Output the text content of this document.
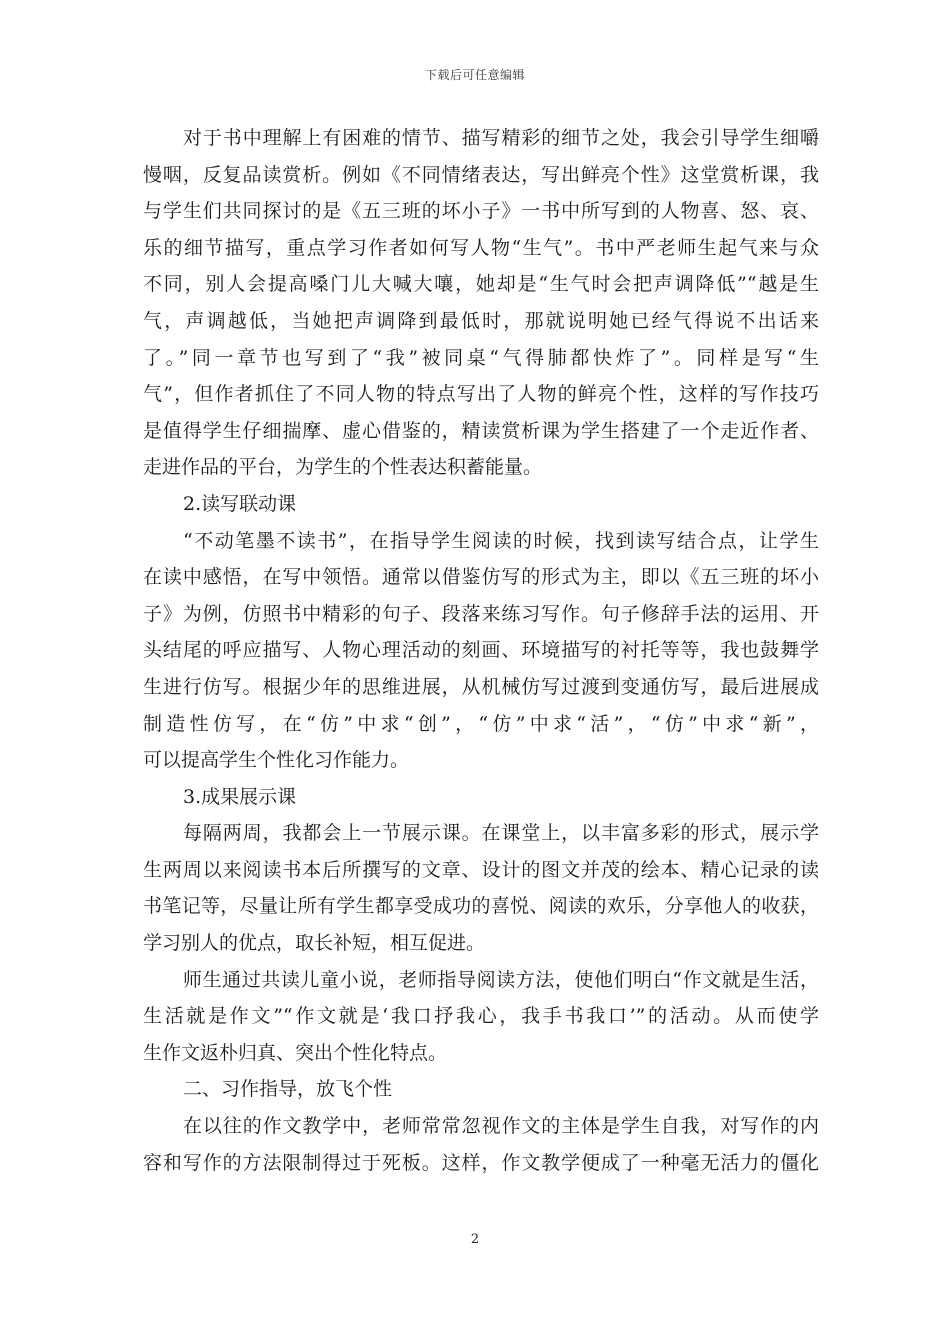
下载后可任意编辑
对于书中理解上有困难的情节、描写精彩的细节之处，我会引导学生细嚼
慢咽，反复品读赏析。例如《不同情绪表达，写出鲜亮个性》这堂赏析课，我
与学生们共同探讨的是《五三班的坏小子》一书中所写到的人物喜、怒、哀、
乐的细节描写，重点学习作者如何写人物“生气”。书中严老师生起气来与众
不同，别人会提高嗓门儿大喊大嚷，她却是“生气时会把声调降低”“越是生
气，声调越低，当她把声调降到最低时，那就说明她已经气得说不出话来
了。”同一章节也写到了“我”被同桌“气得肺都快炸了”。同样是写“生
气”，但作者抓住了不同人物的特点写出了人物的鲜亮个性，这样的写作技巧
是值得学生仔细揣摩、虚心借鉴的，精读赏析课为学生搭建了一个走近作者、
走进作品的平台，为学生的个性表达积蓄能量。
2.读写联动课
“不动笔墨不读书”，在指导学生阅读的时候，找到读写结合点，让学生
在读中感悟，在写中领悟。通常以借鉴仿写的形式为主，即以《五三班的坏小
子》为例，仿照书中精彩的句子、段落来练习写作。句子修辞手法的运用、开
头结尾的呼应描写、人物心理活动的刻画、环境描写的衬托等等，我也鼓舞学
生进行仿写。根据少年的思维进展，从机械仿写过渡到变通仿写，最后进展成
制造性仿写，在“仿”中求“创”，“仿”中求“活”，“仿”中求“新”，
可以提高学生个性化习作能力。
3.成果展示课
每隔两周，我都会上一节展示课。在课堂上，以丰富多彩的形式，展示学
生两周以来阅读书本后所撰写的文章、设计的图文并茂的绘本、精心记录的读
书笔记等，尽量让所有学生都享受成功的喜悦、阅读的欢乐，分享他人的收获，
学习别人的优点，取长补短，相互促进。
师生通过共读儿童小说，老师指导阅读方法，使他们明白“作文就是生活，
生活就是作文”“作文就是‘我口抒我心，我手书我口’”的活动。从而使学
生作文返朴归真、突出个性化特点。
二、习作指导，放飞个性
在以往的作文教学中，老师常常忽视作文的主体是学生自我，对写作的内
容和写作的方法限制得过于死板。这样，作文教学便成了一种毫无活力的僵化
2
